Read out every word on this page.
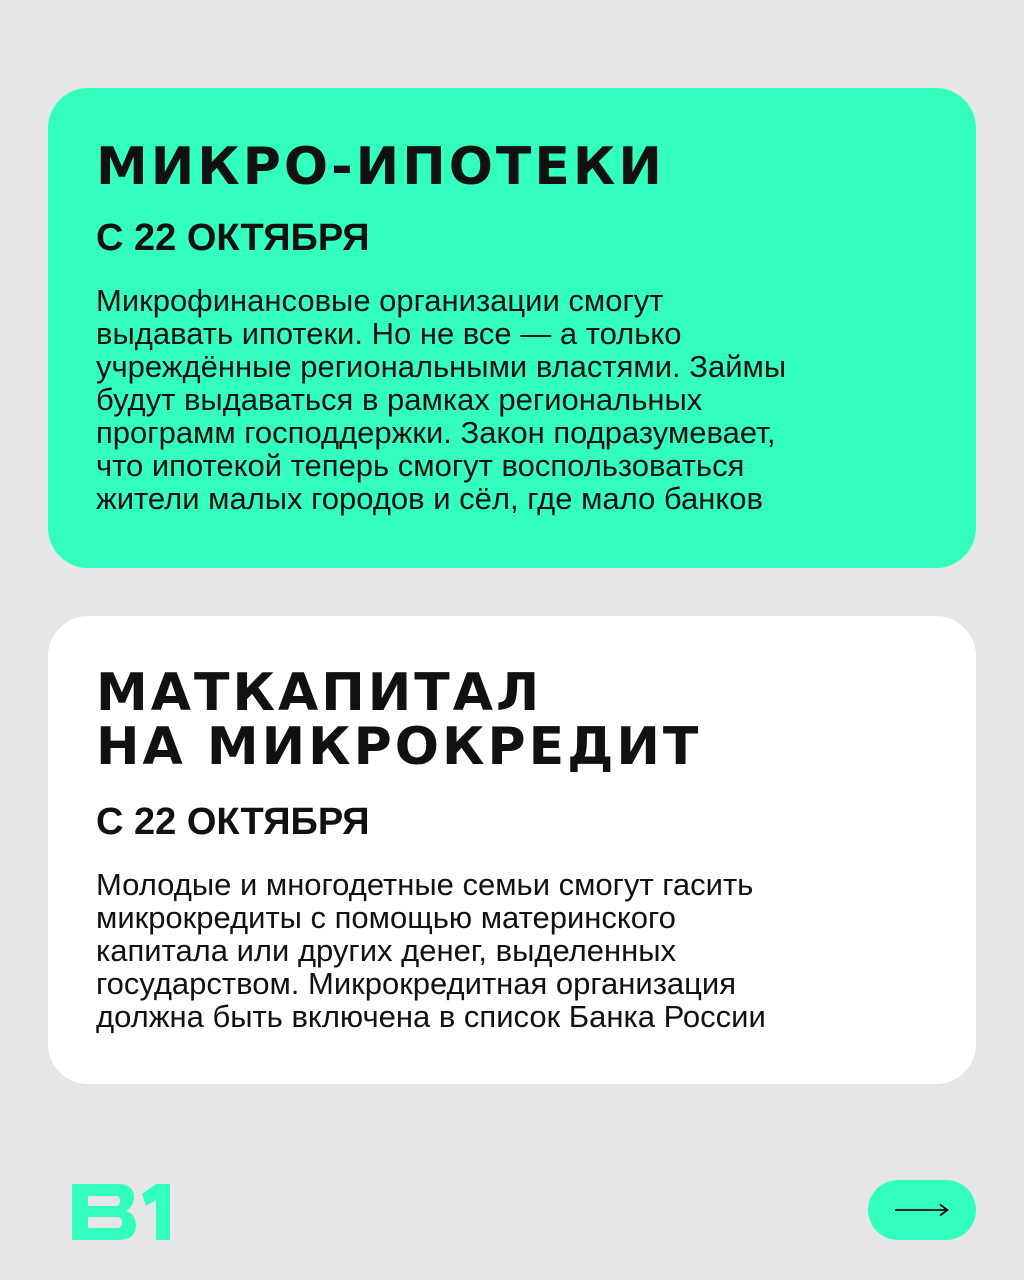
МИКРО-ИПОТЕКИ
С 22 ОКТЯБРЯ
Микрофинансовые организации смогут
выдавать ипотеки. Но не все — а только
учреждённые региональными властями. Займы
будут выдаваться в рамках региональных
программ господдержки. Закон подразумевает,
что ипотекой теперь смогут воспользоваться
жители малых городов и сёл, где мало банков
МАТКАПИТАЛ
НА МИКРОКРЕДИТ
С 22 ОКТЯБРЯ
Молодые и многодетные семьи смогут гасить
микрокредиты с помощью материнского
капитала или других денег, выделенных
государством. Микрокредитная организация
должна быть включена в список Банка России
